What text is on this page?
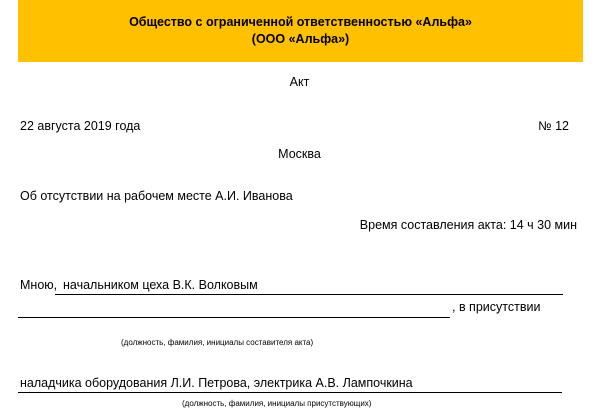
Общество с ограниченной ответственностью «Альфа»
(ООО «Альфа»)
Акт
22 августа 2019 года	№ 12
Москва
Об отсутствии на рабочем месте А.И. Иванова
Время составления акта: 14 ч 30 мин
Мною, начальником цеха В.К. Волковым
, в присутствии
(должность, фамилия, инициалы составителя акта)
наладчика оборудования Л.И. Петрова, электрика А.В. Лампочкина
(должность, фамилия, инициалы присутствующих)
